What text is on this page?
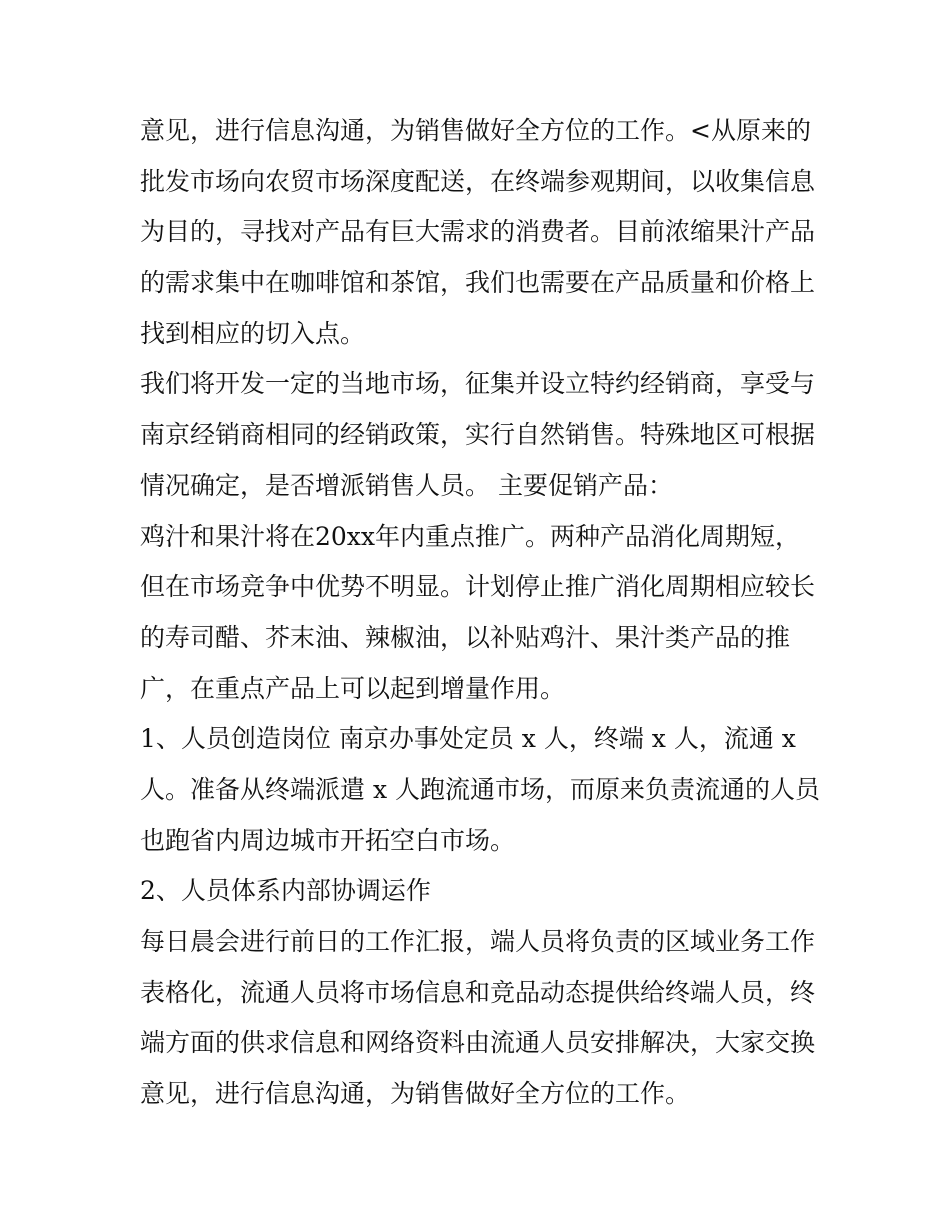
意见，进行信息沟通，为销售做好全方位的工作。<从原来的
批发市场向农贸市场深度配送，在终端参观期间，以收集信息
为目的，寻找对产品有巨大需求的消费者。目前浓缩果汁产品
的需求集中在咖啡馆和茶馆，我们也需要在产品质量和价格上
找到相应的切入点。
我们将开发一定的当地市场，征集并设立特约经销商，享受与
南京经销商相同的经销政策，实行自然销售。特殊地区可根据
情况确定，是否增派销售人员。 主要促销产品：
鸡汁和果汁将在20xx年内重点推广。两种产品消化周期短，
但在市场竞争中优势不明显。计划停止推广消化周期相应较长
的寿司醋、芥末油、辣椒油，以补贴鸡汁、果汁类产品的推
广，在重点产品上可以起到增量作用。
1、人员创造岗位 南京办事处定员 x 人，终端 x 人，流通 x
人。准备从终端派遣 x 人跑流通市场，而原来负责流通的人员
也跑省内周边城市开拓空白市场。
2、人员体系内部协调运作
每日晨会进行前日的工作汇报，端人员将负责的区域业务工作
表格化，流通人员将市场信息和竞品动态提供给终端人员，终
端方面的供求信息和网络资料由流通人员安排解决，大家交换
意见，进行信息沟通，为销售做好全方位的工作。
